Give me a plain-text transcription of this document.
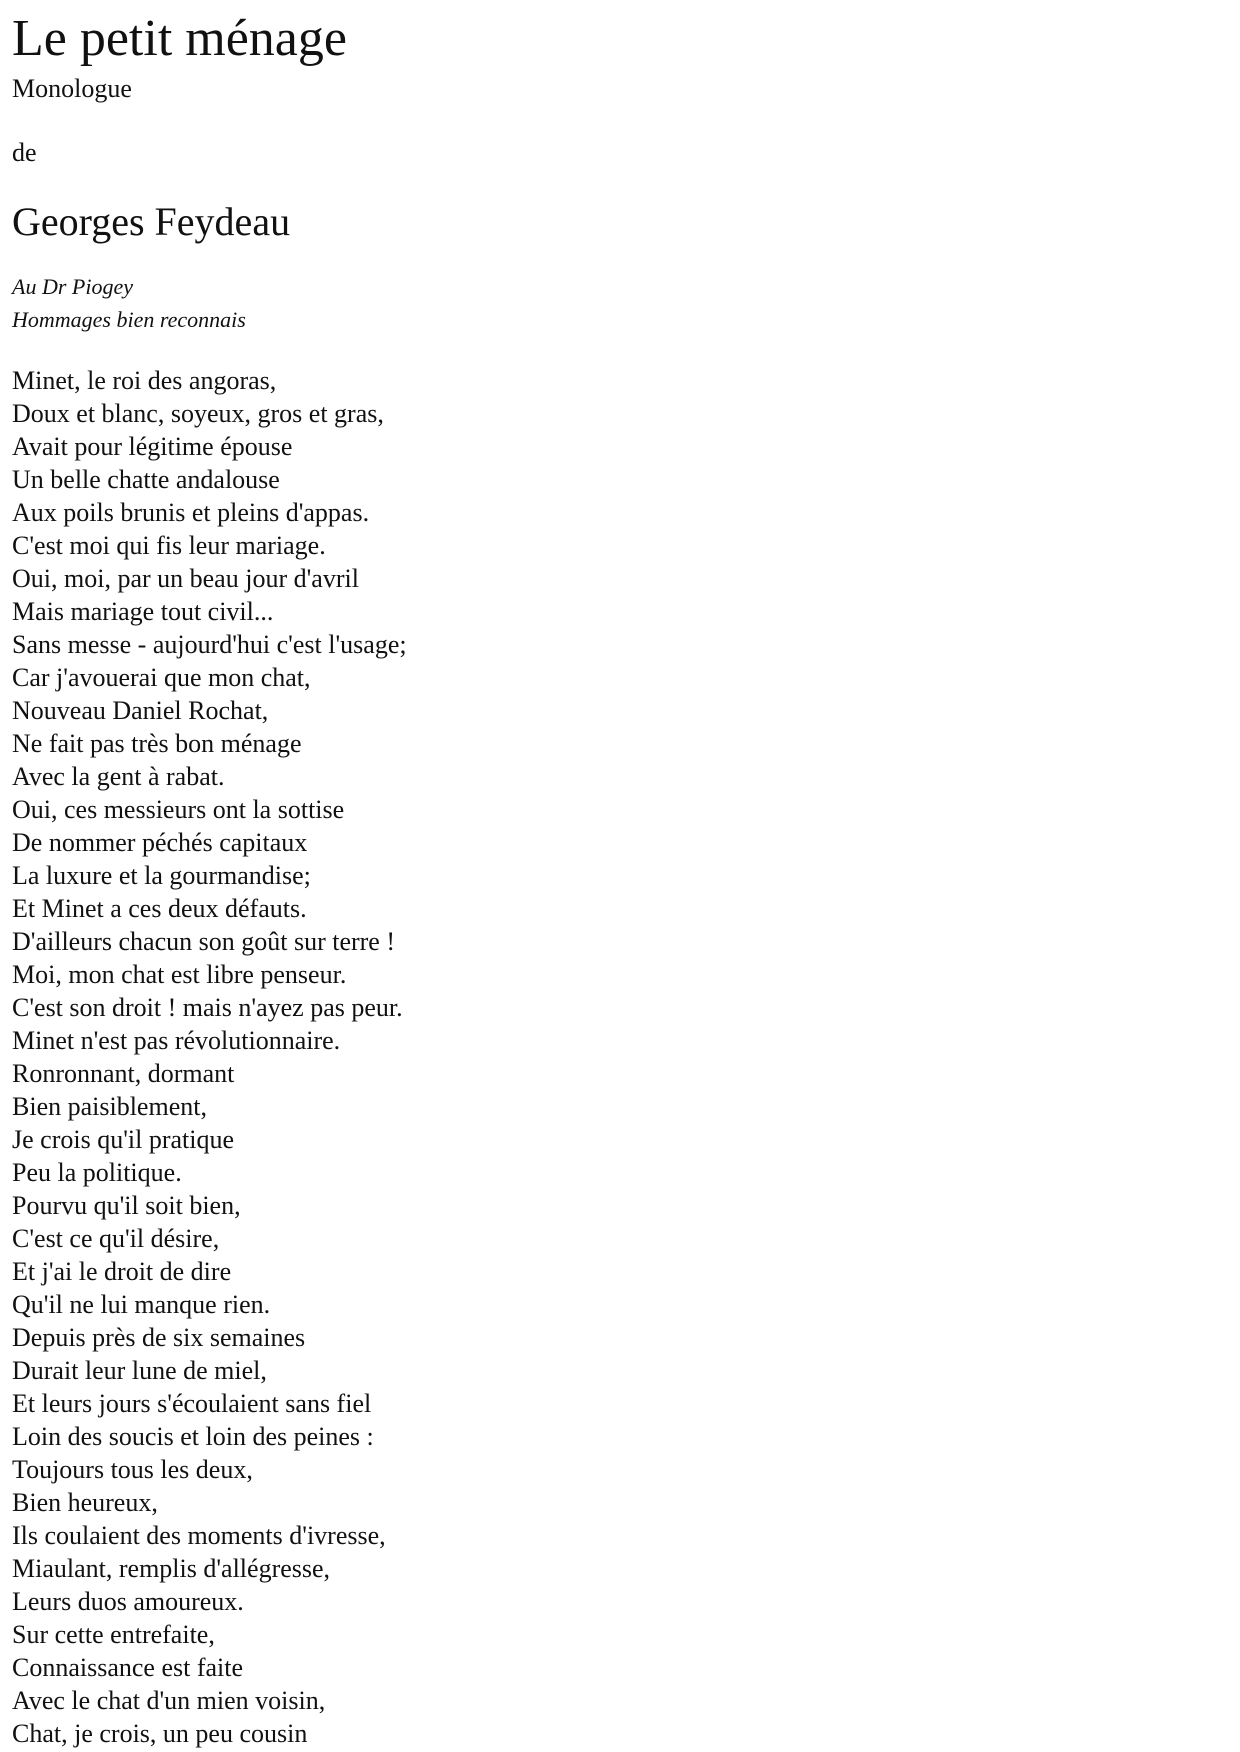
Le petit ménage
Monologue
de
Georges Feydeau
Au Dr Piogey
Hommages bien reconnais
Minet, le roi des angoras,
Doux et blanc, soyeux, gros et gras,
Avait pour légitime épouse
Un belle chatte andalouse
Aux poils brunis et pleins d'appas.
C'est moi qui fis leur mariage.
Oui, moi, par un beau jour d'avril
Mais mariage tout civil...
Sans messe - aujourd'hui c'est l'usage;
Car j'avouerai que mon chat,
Nouveau Daniel Rochat,
Ne fait pas très bon ménage
Avec la gent à rabat.
Oui, ces messieurs ont la sottise
De nommer péchés capitaux
La luxure et la gourmandise;
Et Minet a ces deux défauts.
D'ailleurs chacun son goût sur terre !
Moi, mon chat est libre penseur.
C'est son droit ! mais n'ayez pas peur.
Minet n'est pas révolutionnaire.
Ronronnant, dormant
Bien paisiblement,
Je crois qu'il pratique
Peu la politique.
Pourvu qu'il soit bien,
C'est ce qu'il désire,
Et j'ai le droit de dire
Qu'il ne lui manque rien.
Depuis près de six semaines
Durait leur lune de miel,
Et leurs jours s'écoulaient sans fiel
Loin des soucis et loin des peines :
Toujours tous les deux,
Bien heureux,
Ils coulaient des moments d'ivresse,
Miaulant, remplis d'allégresse,
Leurs duos amoureux.
Sur cette entrefaite,
Connaissance est faite
Avec le chat d'un mien voisin,
Chat, je crois, un peu cousin
